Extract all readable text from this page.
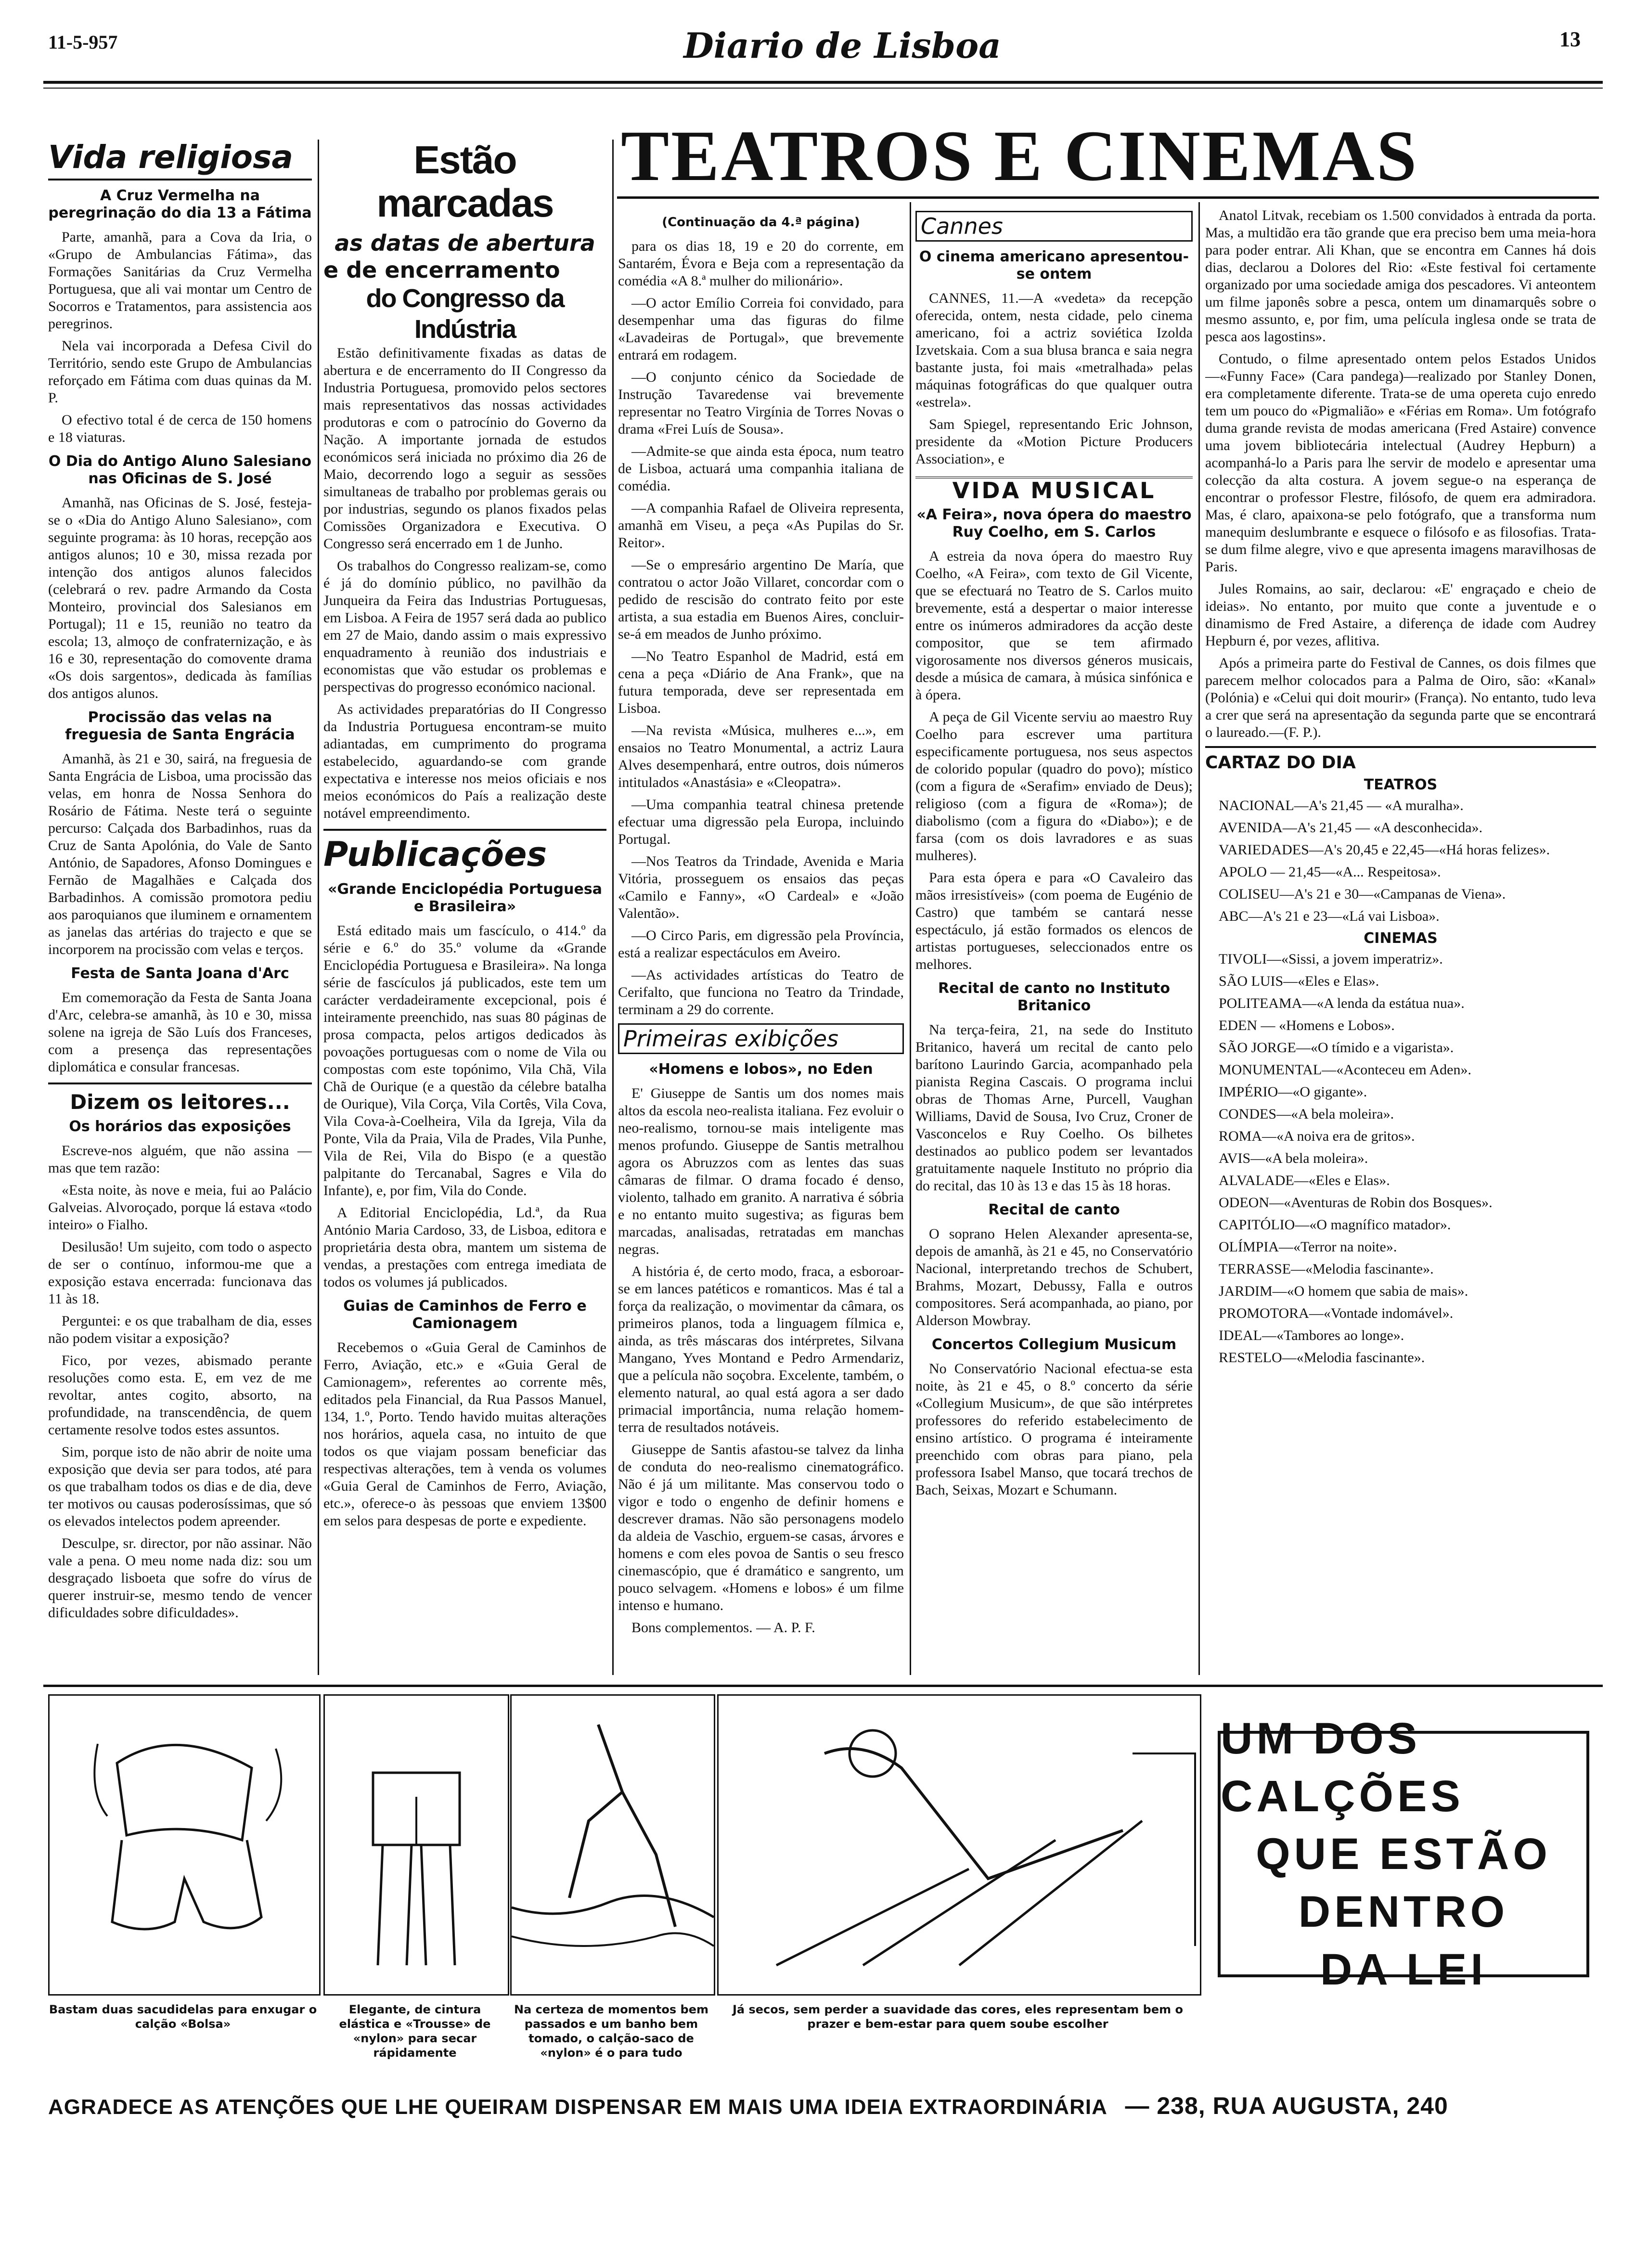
11-5-957	Diario de Lisboa	13
Vida religiosa
A Cruz Vermelha na peregrinação do dia 13 a Fátima

Parte, amanhã, para a Cova da Iria, o «Grupo de Ambulancias Fátima», das Formações Sanitárias da Cruz Vermelha Portuguesa, que ali vai montar um Centro de Socorros e Tratamentos, para assistencia aos peregrinos.

Nela vai incorporada a Defesa Civil do Território, sendo este Grupo de Ambulancias reforçado em Fátima com duas quinas da M. P.

O efectivo total é de cerca de 150 homens e 18 viaturas.

O Dia do Antigo Aluno Salesiano nas Oficinas de S. José

Amanhã, nas Oficinas de S. José, festeja-se o «Dia do Antigo Aluno Salesiano», com seguinte programa: às 10 horas, recepção aos antigos alunos; 10 e 30, missa rezada por intenção dos antigos alunos falecidos (celebrará o rev. padre Armando da Costa Monteiro, provincial dos Salesianos em Portugal); 11 e 15, reunião no teatro da escola; 13, almoço de confraternização, e às 16 e 30, representação do comovente drama «Os dois sargentos», dedicada às famílias dos antigos alunos.

Procissão das velas na freguesia de Santa Engrácia

Amanhã, às 21 e 30, sairá, na freguesia de Santa Engrácia de Lisboa, uma procissão das velas, em honra de Nossa Senhora do Rosário de Fátima. Neste terá o seguinte percurso: Calçada dos Barbadinhos, ruas da Cruz de Santa Apolónia, do Vale de Santo António, de Sapadores, Afonso Domingues e Fernão de Magalhães e Calçada dos Barbadinhos. A comissão promotora pediu aos paroquianos que iluminem e ornamentem as janelas das artérias do trajecto e que se incorporem na procissão com velas e terços.

Festa de Santa Joana d'Arc

Em comemoração da Festa de Santa Joana d'Arc, celebra-se amanhã, às 10 e 30, missa solene na igreja de São Luís dos Franceses, com a presença das representações diplomática e consular francesas.

Dizem os leitores...
Os horários das exposições

Escreve-nos alguém, que não assina — mas que tem razão:

«Esta noite, às nove e meia, fui ao Palácio Galveias. Alvoroçado, porque lá estava «todo inteiro» o Fialho.

Desilusão! Um sujeito, com todo o aspecto de ser o contínuo, informou-me que a exposição estava encerrada: funcionava das 11 às 18.

Perguntei: e os que trabalham de dia, esses não podem visitar a exposição?

Fico, por vezes, abismado perante resoluções como esta. E, em vez de me revoltar, antes cogito, absorto, na profundidade, na transcendência, de quem certamente resolve todos estes assuntos.

Sim, porque isto de não abrir de noite uma exposição que devia ser para todos, até para os que trabalham todos os dias e de dia, deve ter motivos ou causas poderosíssimas, que só os elevados intelectos podem apreender.

Desculpe, sr. director, por não assinar. Não vale a pena. O meu nome nada diz: sou um desgraçado lisboeta que sofre do vírus de querer instruir-se, mesmo tendo de vencer dificuldades sobre dificuldades».

Estão marcadas
as datas de abertura
e de encerramento
do Congresso da Indústria

Estão definitivamente fixadas as datas de abertura e de encerramento do II Congresso da Industria Portuguesa, promovido pelos sectores mais representativos das nossas actividades produtoras e com o patrocínio do Governo da Nação. A importante jornada de estudos económicos será iniciada no próximo dia 26 de Maio, decorrendo logo a seguir as sessões simultaneas de trabalho por problemas gerais ou por industrias, segundo os planos fixados pelas Comissões Organizadora e Executiva. O Congresso será encerrado em 1 de Junho.

Os trabalhos do Congresso realizam-se, como é já do domínio público, no pavilhão da Junqueira da Feira das Industrias Portuguesas, em Lisboa. A Feira de 1957 será dada ao publico em 27 de Maio, dando assim o mais expressivo enquadramento à reunião dos industriais e economistas que vão estudar os problemas e perspectivas do progresso económico nacional.

As actividades preparatórias do II Congresso da Industria Portuguesa encontram-se muito adiantadas, em cumprimento do programa estabelecido, aguardando-se com grande expectativa e interesse nos meios oficiais e nos meios económicos do País a realização deste notável empreendimento.

Publicações
«Grande Enciclopédia Portuguesa e Brasileira»

Está editado mais um fascículo, o 414.º da série e 6.º do 35.º volume da «Grande Enciclopédia Portuguesa e Brasileira». Na longa série de fascículos já publicados, este tem um carácter verdadeiramente excepcional, pois é inteiramente preenchido, nas suas 80 páginas de prosa compacta, pelos artigos dedicados às povoações portuguesas com o nome de Vila ou compostas com este topónimo, Vila Chã, Vila Chã de Ourique (e a questão da célebre batalha de Ourique), Vila Corça, Vila Cortês, Vila Cova, Vila Cova-à-Coelheira, Vila da Igreja, Vila da Ponte, Vila da Praia, Vila de Prades, Vila Punhe, Vila de Rei, Vila do Bispo (e a questão palpitante do Tercanabal, Sagres e Vila do Infante), e, por fim, Vila do Conde.

A Editorial Enciclopédia, Ld.ª, da Rua António Maria Cardoso, 33, de Lisboa, editora e proprietária desta obra, mantem um sistema de vendas, a prestações com entrega imediata de todos os volumes já publicados.

Guias de Caminhos de Ferro e Camionagem

Recebemos o «Guia Geral de Caminhos de Ferro, Aviação, etc.» e «Guia Geral de Camionagem», referentes ao corrente mês, editados pela Financial, da Rua Passos Manuel, 134, 1.º, Porto. Tendo havido muitas alterações nos horários, aquela casa, no intuito de que todos os que viajam possam beneficiar das respectivas alterações, tem à venda os volumes «Guia Geral de Caminhos de Ferro, Aviação, etc.», oferece-o às pessoas que enviem 13$00 em selos para despesas de porte e expediente.

TEATROS E CINEMAS
(Continuação da 4.ª página)

para os dias 18, 19 e 20 do corrente, em Santarém, Évora e Beja com a representação da comédia «A 8.ª mulher do milionário».

—O actor Emílio Correia foi convidado, para desempenhar uma das figuras do filme «Lavadeiras de Portugal», que brevemente entrará em rodagem.

—O conjunto cénico da Sociedade de Instrução Tavaredense vai brevemente representar no Teatro Virgínia de Torres Novas o drama «Frei Luís de Sousa».

—Admite-se que ainda esta época, num teatro de Lisboa, actuará uma companhia italiana de comédia.

—A companhia Rafael de Oliveira representa, amanhã em Viseu, a peça «As Pupilas do Sr. Reitor».

—Se o empresário argentino De María, que contratou o actor João Villaret, concordar com o pedido de rescisão do contrato feito por este artista, a sua estadia em Buenos Aires, concluir-se-á em meados de Junho próximo.

—No Teatro Espanhol de Madrid, está em cena a peça «Diário de Ana Frank», que na futura temporada, deve ser representada em Lisboa.

—Na revista «Música, mulheres e...», em ensaios no Teatro Monumental, a actriz Laura Alves desempenhará, entre outros, dois números intitulados «Anastásia» e «Cleopatra».

—Uma companhia teatral chinesa pretende efectuar uma digressão pela Europa, incluindo Portugal.

—Nos Teatros da Trindade, Avenida e Maria Vitória, prosseguem os ensaios das peças «Camilo e Fanny», «O Cardeal» e «João Valentão».

—O Circo Paris, em digressão pela Província, está a realizar espectáculos em Aveiro.

—As actividades artísticas do Teatro de Cerifalto, que funciona no Teatro da Trindade, terminam a 29 do corrente.

Primeiras exibições
«Homens e lobos», no Eden

E' Giuseppe de Santis um dos nomes mais altos da escola neo-realista italiana. Fez evoluir o neo-realismo, tornou-se mais inteligente mas menos profundo. Giuseppe de Santis metralhou agora os Abruzzos com as lentes das suas câmaras de filmar. O drama focado é denso, violento, talhado em granito. A narrativa é sóbria e no entanto muito sugestiva; as figuras bem marcadas, analisadas, retratadas em manchas negras.

A história é, de certo modo, fraca, a esboroar-se em lances patéticos e romanticos. Mas é tal a força da realização, o movimentar da câmara, os primeiros planos, toda a linguagem fílmica e, ainda, as três máscaras dos intérpretes, Silvana Mangano, Yves Montand e Pedro Armendariz, que a película não soçobra. Excelente, também, o elemento natural, ao qual está agora a ser dado primacial importância, numa relação homem-terra de resultados notáveis.

Giuseppe de Santis afastou-se talvez da linha de conduta do neo-realismo cinematográfico. Não é já um militante. Mas conservou todo o vigor e todo o engenho de definir homens e descrever dramas. Não são personagens modelo da aldeia de Vaschio, erguem-se casas, árvores e homens e com eles povoa de Santis o seu fresco cinemascópio, que é dramático e sangrento, um pouco selvagem. «Homens e lobos» é um filme intenso e humano.

Bons complementos. — A. P. F.

Cannes
O cinema americano apresentou-se ontem

CANNES, 11.—A «vedeta» da recepção oferecida, ontem, nesta cidade, pelo cinema americano, foi a actriz soviética Izolda Izvetskaia. Com a sua blusa branca e saia negra bastante justa, foi mais «metralhada» pelas máquinas fotográficas do que qualquer outra «estrela».

Sam Spiegel, representando Eric Johnson, presidente da «Motion Picture Producers Association», e

VIDA MUSICAL
«A Feira», nova ópera do maestro Ruy Coelho, em S. Carlos

A estreia da nova ópera do maestro Ruy Coelho, «A Feira», com texto de Gil Vicente, que se efectuará no Teatro de S. Carlos muito brevemente, está a despertar o maior interesse entre os inúmeros admiradores da acção deste compositor, que se tem afirmado vigorosamente nos diversos géneros musicais, desde a música de camara, à música sinfónica e à ópera.

A peça de Gil Vicente serviu ao maestro Ruy Coelho para escrever uma partitura especificamente portuguesa, nos seus aspectos de colorido popular (quadro do povo); místico (com a figura de «Serafim» enviado de Deus); religioso (com a figura de «Roma»); de diabolismo (com a figura do «Diabo»); e de farsa (com os dois lavradores e as suas mulheres).

Para esta ópera e para «O Cavaleiro das mãos irresistíveis» (com poema de Eugénio de Castro) que também se cantará nesse espectáculo, já estão formados os elencos de artistas portugueses, seleccionados entre os melhores.

Recital de canto no Instituto Britanico

Na terça-feira, 21, na sede do Instituto Britanico, haverá um recital de canto pelo barítono Laurindo Garcia, acompanhado pela pianista Regina Cascais. O programa inclui obras de Thomas Arne, Purcell, Vaughan Williams, David de Sousa, Ivo Cruz, Croner de Vasconcelos e Ruy Coelho. Os bilhetes destinados ao publico podem ser levantados gratuitamente naquele Instituto no próprio dia do recital, das 10 às 13 e das 15 às 18 horas.

Recital de canto

O soprano Helen Alexander apresenta-se, depois de amanhã, às 21 e 45, no Conservatório Nacional, interpretando trechos de Schubert, Brahms, Mozart, Debussy, Falla e outros compositores. Será acompanhada, ao piano, por Alderson Mowbray.

Concertos Collegium Musicum

No Conservatório Nacional efectua-se esta noite, às 21 e 45, o 8.º concerto da série «Collegium Musicum», de que são intérpretes professores do referido estabelecimento de ensino artístico. O programa é inteiramente preenchido com obras para piano, pela professora Isabel Manso, que tocará trechos de Bach, Seixas, Mozart e Schumann.

Anatol Litvak, recebiam os 1.500 convidados à entrada da porta. Mas, a multidão era tão grande que era preciso bem uma meia-hora para poder entrar. Ali Khan, que se encontra em Cannes há dois dias, declarou a Dolores del Rio: «Este festival foi certamente organizado por uma sociedade amiga dos pescadores. Vi anteontem um filme japonês sobre a pesca, ontem um dinamarquês sobre o mesmo assunto, e, por fim, uma película inglesa onde se trata de pesca aos lagostins».

Contudo, o filme apresentado ontem pelos Estados Unidos—«Funny Face» (Cara pandega)—realizado por Stanley Donen, era completamente diferente. Trata-se de uma opereta cujo enredo tem um pouco do «Pigmalião» e «Férias em Roma». Um fotógrafo duma grande revista de modas americana (Fred Astaire) convence uma jovem bibliotecária intelectual (Audrey Hepburn) a acompanhá-lo a Paris para lhe servir de modelo e apresentar uma colecção da alta costura. A jovem segue-o na esperança de encontrar o professor Flestre, filósofo, de quem era admiradora. Mas, é claro, apaixona-se pelo fotógrafo, que a transforma num manequim deslumbrante e esquece o filósofo e as filosofias. Trata-se dum filme alegre, vivo e que apresenta imagens maravilhosas de Paris.

Jules Romains, ao sair, declarou: «E' engraçado e cheio de ideias». No entanto, por muito que conte a juventude e o dinamismo de Fred Astaire, a diferença de idade com Audrey Hepburn é, por vezes, aflitiva.

Após a primeira parte do Festival de Cannes, os dois filmes que parecem melhor colocados para a Palma de Oiro, são: «Kanal» (Polónia) e «Celui qui doit mourir» (França). No entanto, tudo leva a crer que será na apresentação da segunda parte que se encontrará o laureado.—(F. P.).

CARTAZ DO DIA
TEATROS

NACIONAL—A's 21,45 — «A muralha».

AVENIDA—A's 21,45 — «A desconhecida».

VARIEDADES—A's 20,45 e 22,45—«Há horas felizes».

APOLO — 21,45—«A... Respeitosa».

COLISEU—A's 21 e 30—«Campanas de Viena».

ABC—A's 21 e 23—«Lá vai Lisboa».

CINEMAS

TIVOLI—«Sissi, a jovem imperatriz».

SÃO LUIS—«Eles e Elas».

POLITEAMA—«A lenda da estátua nua».

EDEN — «Homens e Lobos».

SÃO JORGE—«O tímido e a vigarista».

MONUMENTAL—«Aconteceu em Aden».

IMPÉRIO—«O gigante».

CONDES—«A bela moleira».

ROMA—«A noiva era de gritos».

AVIS—«A bela moleira».

ALVALADE—«Eles e Elas».

ODEON—«Aventuras de Robin dos Bosques».

CAPITÓLIO—«O magnífico matador».

OLÍMPIA—«Terror na noite».

TERRASSE—«Melodia fascinante».

JARDIM—«O homem que sabia de mais».

PROMOTORA—«Vontade indomável».

IDEAL—«Tambores ao longe».

RESTELO—«Melodia fascinante».

UM DOS CALÇÕES
QUE ESTÃO
DENTRO
DA LEI
Bastam duas sacudidelas para enxugar o calção «Bolsa»
Elegante, de cintura elástica e «Trousse» de «nylon» para secar rápidamente
Na certeza de momentos bem passados e um banho bem tomado, o calção-saco de «nylon» é o para tudo
Já secos, sem perder a suavidade das cores, eles representam bem o prazer e bem-estar para quem soube escolher
AGRADECE AS ATENÇÕES QUE LHE QUEIRAM DISPENSAR EM MAIS UMA IDEIA EXTRAORDINÁRIA — 238, RUA AUGUSTA, 240
